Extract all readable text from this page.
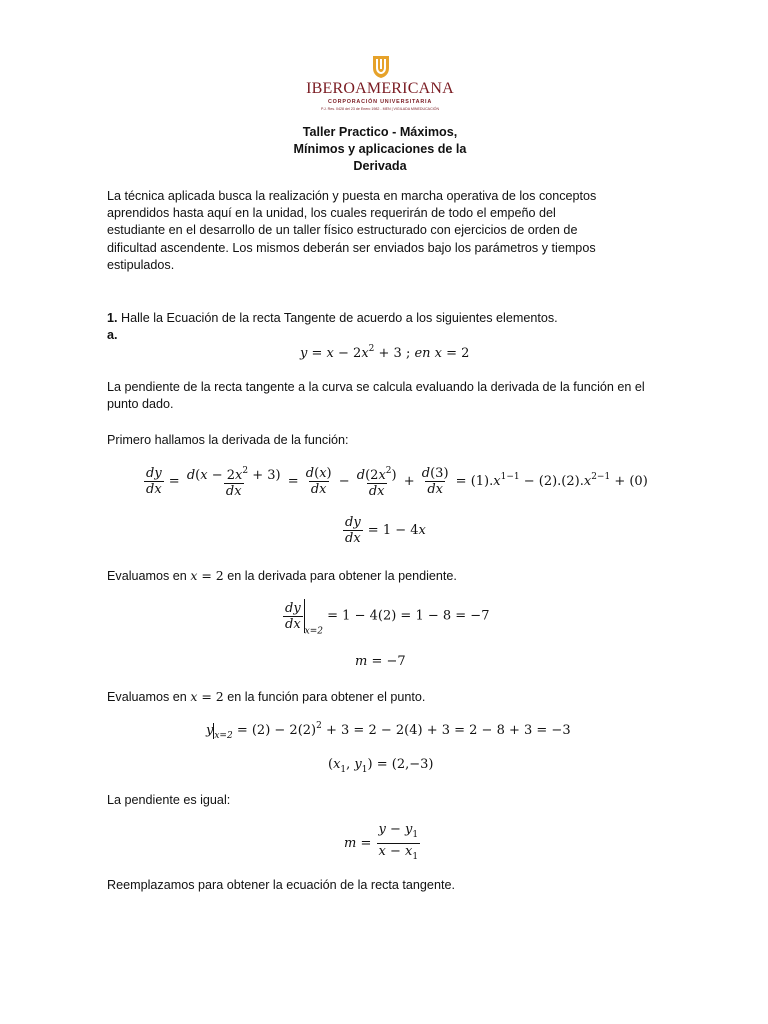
IBEROAMERICANA
CORPORACIÓN UNIVERSITARIA
P.J. Res. 0428 del 23 de Enero 1982 - MEN | VIGILADA MINEDUCACIÓN
Taller Practico - Máximos,
Mínimos y aplicaciones de la
Derivada
La técnica aplicada busca la realización y puesta en marcha operativa de los conceptos
aprendidos hasta aquí en la unidad, los cuales requerirán de todo el empeño del
estudiante en el desarrollo de un taller físico estructurado con ejercicios de orden de
dificultad ascendente. Los mismos deberán ser enviados bajo los parámetros y tiempos
estipulados.
1. Halle la Ecuación de la recta Tangente de acuerdo a los siguientes elementos.
a.
$y = x - 2x^2 + 3$ ; en x = 2
La pendiente de la recta tangente a la curva se calcula evaluando la derivada de la función en el
punto dado.
Primero hallamos la derivada de la función:
$\frac{dy}{dx} = \frac{d(x - 2x^2 + 3)}{dx} = \frac{d(x)}{dx} - \frac{d(2x^2)}{dx} + \frac{d(3)}{dx} = (1).x^{1-1} - (2).(2).x^{2-1} + (0)$
$\frac{dy}{dx} = 1 - 4x$
Evaluamos en x = 2 en la derivada para obtener la pendiente.
$\frac{dy}{dx} _{x=2} = 1 - 4(2) = 1 - 8 = -7$
m = −7
Evaluamos en x = 2 en la función para obtener el punto.
$y_{x=2} = (2) - 2(2)^2 + 3 = 2 - 2(4) + 3 = 2 - 8 + 3 = -3$
($x_1$, $y_1) = (2,-3)$
La pendiente es igual:
$m = \frac{y - y_1}{x - x_1}$
Reemplazamos para obtener la ecuación de la recta tangente.
